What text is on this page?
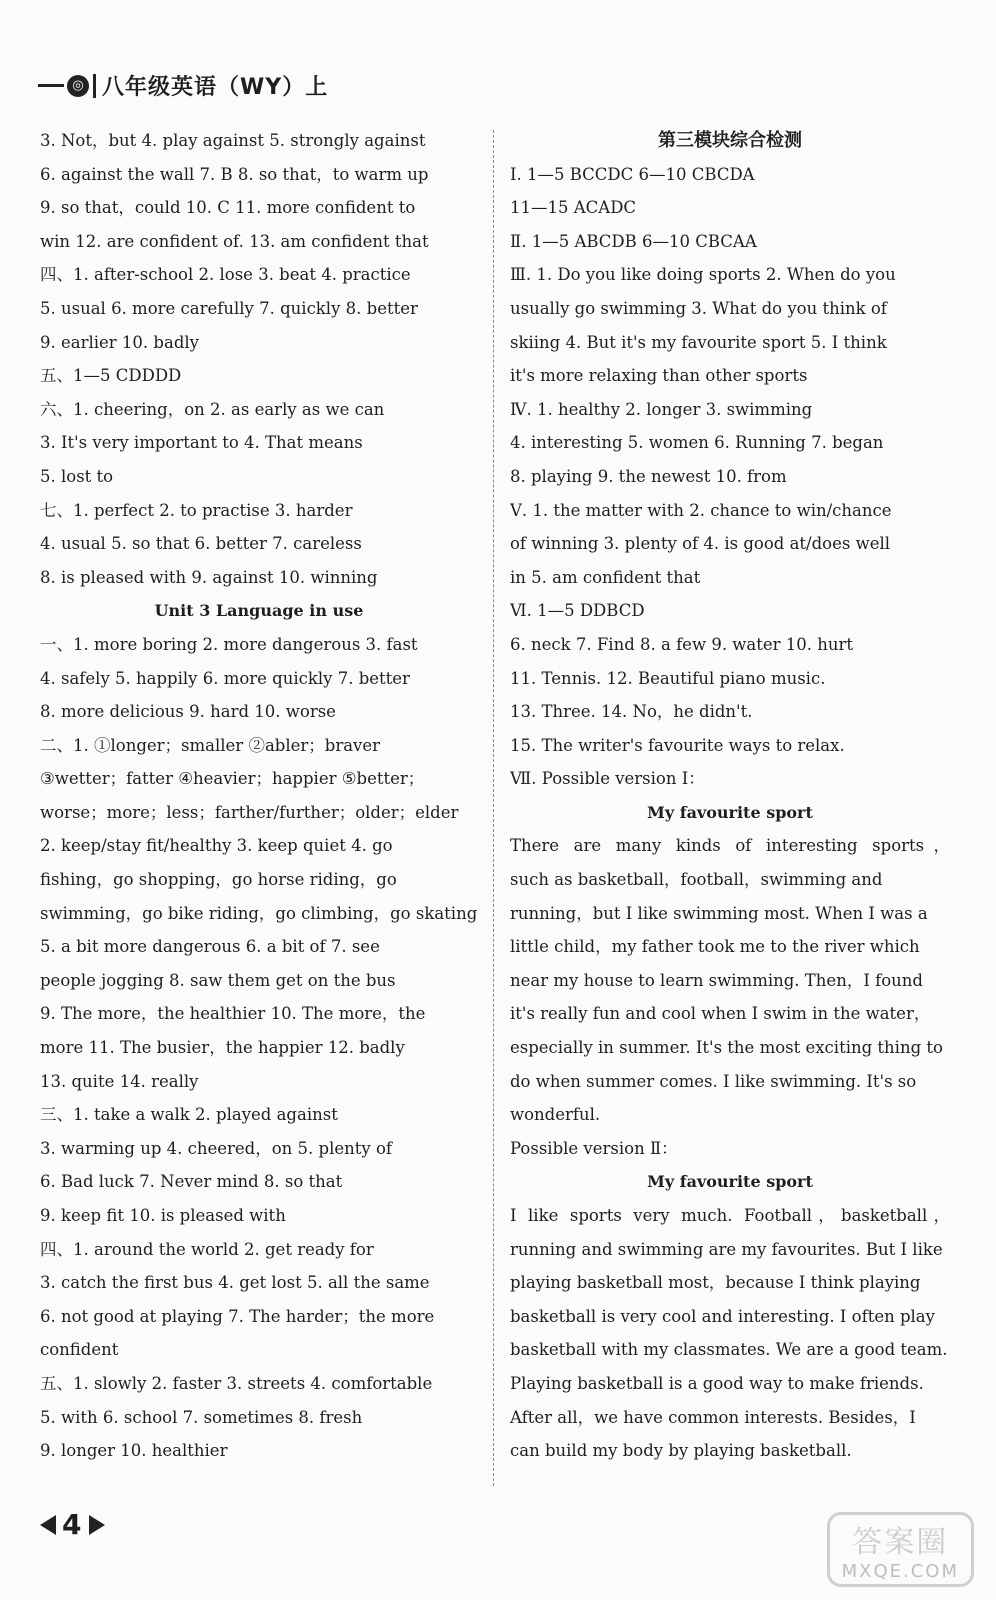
◎ 八年级英语（WY）上
3. Not，but 4. play against 5. strongly against
6. against the wall 7. B 8. so that，to warm up
9. so that，could 10. C 11. more confident to
win 12. are confident of. 13. am confident that
四、1. after-school 2. lose 3. beat 4. practice
5. usual 6. more carefully 7. quickly 8. better
9. earlier 10. badly
五、1—5 CDDDD
六、1. cheering，on 2. as early as we can
3. It's very important to 4. That means
5. lost to
七、1. perfect 2. to practise 3. harder
4. usual 5. so that 6. better 7. careless
8. is pleased with 9. against 10. winning
Unit 3 Language in use
一、1. more boring 2. more dangerous 3. fast
4. safely 5. happily 6. more quickly 7. better
8. more delicious 9. hard 10. worse
二、1. ①longer；smaller ②abler；braver
③wetter；fatter ④heavier；happier ⑤better；
worse；more；less；farther/further；older；elder
2. keep/stay fit/healthy 3. keep quiet 4. go
fishing，go shopping，go horse riding，go
swimming，go bike riding，go climbing，go skating
5. a bit more dangerous 6. a bit of 7. see
people jogging 8. saw them get on the bus
9. The more，the healthier 10. The more，the
more 11. The busier，the happier 12. badly
13. quite 14. really
三、1. take a walk 2. played against
3. warming up 4. cheered，on 5. plenty of
6. Bad luck 7. Never mind 8. so that
9. keep fit 10. is pleased with
四、1. around the world 2. get ready for
3. catch the first bus 4. get lost 5. all the same
6. not good at playing 7. The harder；the more
confident
五、1. slowly 2. faster 3. streets 4. comfortable
5. with 6. school 7. sometimes 8. fresh
9. longer 10. healthier
第三模块综合检测
Ⅰ. 1—5 BCCDC 6—10 CBCDA
11—15 ACADC
Ⅱ. 1—5 ABCDB 6—10 CBCAA
Ⅲ. 1. Do you like doing sports 2. When do you
usually go swimming 3. What do you think of
skiing 4. But it's my favourite sport 5. I think
it's more relaxing than other sports
Ⅳ. 1. healthy 2. longer 3. swimming
4. interesting 5. women 6. Running 7. began
8. playing 9. the newest 10. from
Ⅴ. 1. the matter with 2. chance to win/chance
of winning 3. plenty of 4. is good at/does well
in 5. am confident that
Ⅵ. 1—5 DDBCD
6. neck 7. Find 8. a few 9. water 10. hurt
11. Tennis. 12. Beautiful piano music.
13. Three. 14. No，he didn't.
15. The writer's favourite ways to relax.
Ⅶ. Possible version Ⅰ：
My favourite sport
There are many kinds of interesting sports，
such as basketball，football，swimming and
running，but I like swimming most. When I was a
little child，my father took me to the river which
near my house to learn swimming. Then，I found
it's really fun and cool when I swim in the water，
especially in summer. It's the most exciting thing to
do when summer comes. I like swimming. It's so
wonderful.
Possible version Ⅱ：
My favourite sport
I like sports very much. Football，basketball，
running and swimming are my favourites. But I like
playing basketball most，because I think playing
basketball is very cool and interesting. I often play
basketball with my classmates. We are a good team.
Playing basketball is a good way to make friends.
After all，we have common interests. Besides，I
can build my body by playing basketball.
4
答案圈
MXQE.COM
